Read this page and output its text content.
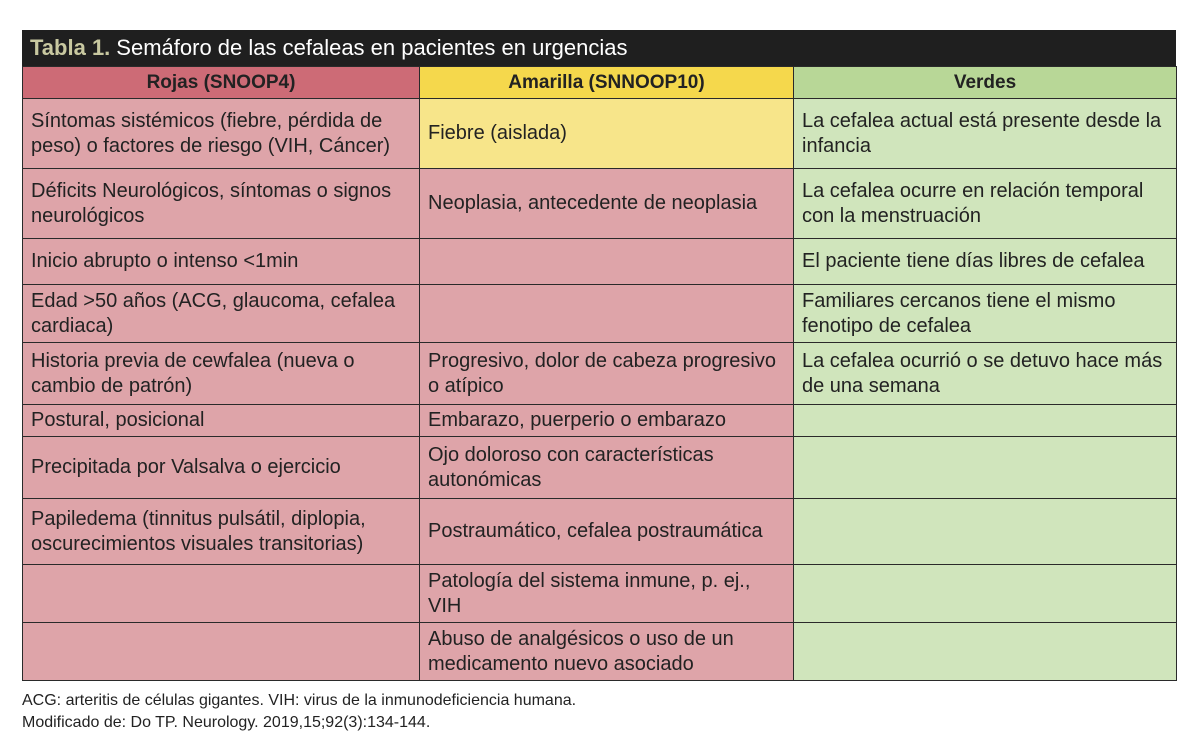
Tabla 1. Semáforo de las cefaleas en pacientes en urgencias
Rojas (SNOOP4)	Amarilla (SNNOOP10)	Verdes
Síntomas sistémicos (fiebre, pérdida de peso) o factores de riesgo (VIH, Cáncer)	Fiebre (aislada)	La cefalea actual está presente desde la infancia
Déficits Neurológicos, síntomas o signos neurológicos	Neoplasia, antecedente de neoplasia	La cefalea ocurre en relación temporal con la menstruación
Inicio abrupto o intenso <1min		El paciente tiene días libres de cefalea
Edad >50 años (ACG, glaucoma, cefalea cardiaca)		Familiares cercanos tiene el mismo fenotipo de cefalea
Historia previa de cewfalea (nueva o cambio de patrón)	Progresivo, dolor de cabeza progresivo o atípico	La cefalea ocurrió o se detuvo hace más de una semana
Postural, posicional	Embarazo, puerperio o embarazo	
Precipitada por Valsalva o ejercicio	Ojo doloroso con características autonómicas	
Papiledema (tinnitus pulsátil, diplopia, oscurecimientos visuales transitorias)	Postraumático, cefalea postraumática	
	Patología del sistema inmune, p. ej., VIH	
	Abuso de analgésicos o uso de un medicamento nuevo asociado	
ACG: arteritis de células gigantes. VIH: virus de la inmunodeficiencia humana.
Modificado de: Do TP. Neurology. 2019,15;92(3):134-144.
